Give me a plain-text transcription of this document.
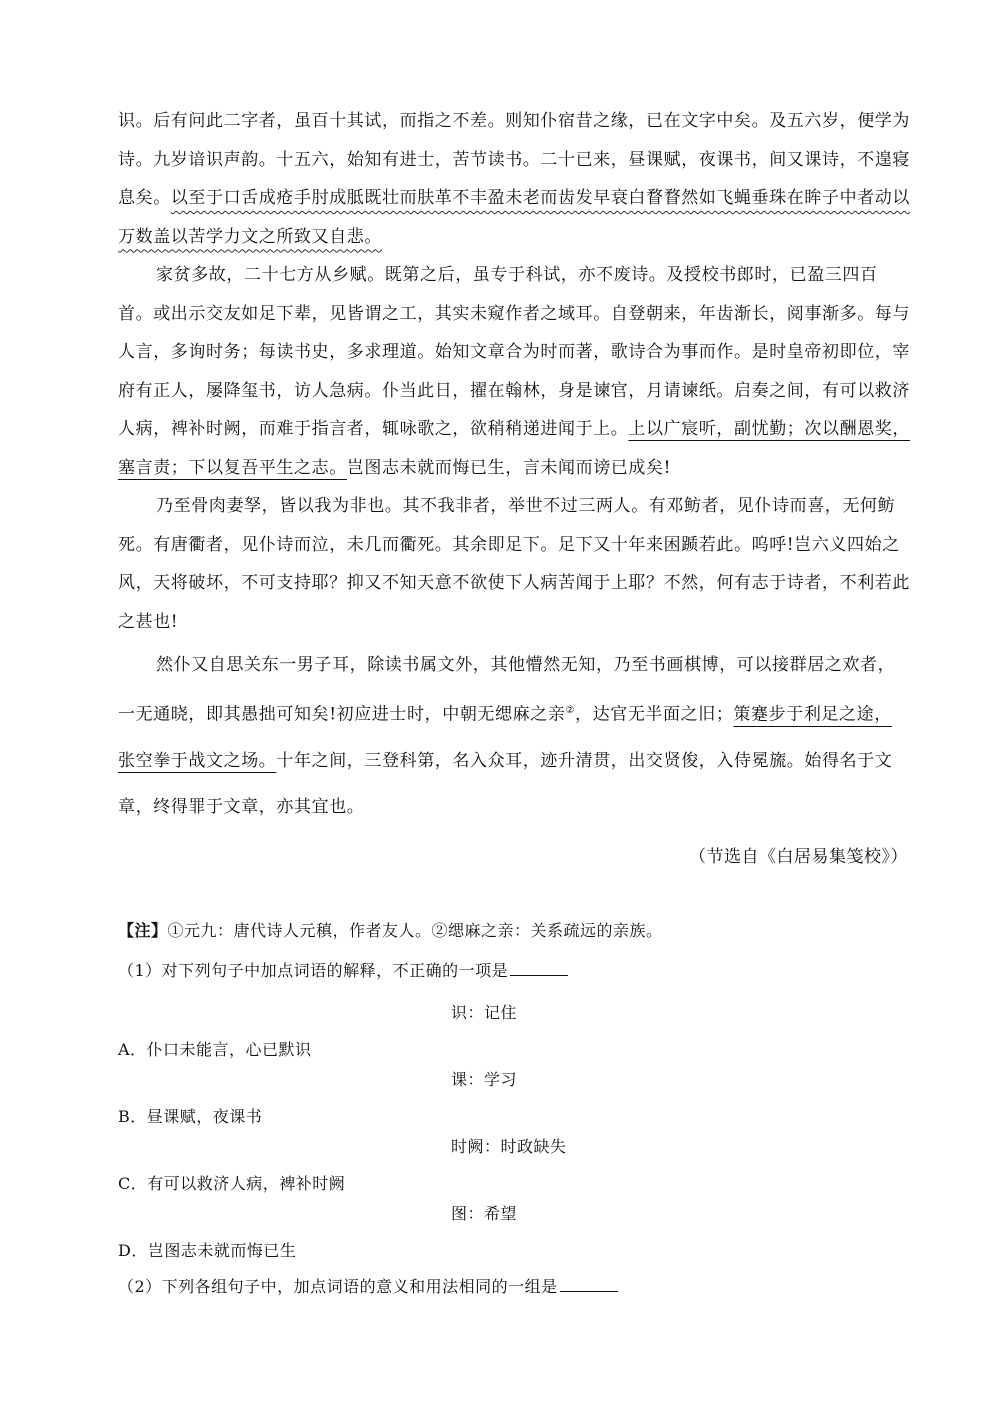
识。后有问此二字者，虽百十其试，而指之不差。则知仆宿昔之缘，已在文字中矣。及五六岁，便学为诗。九岁谙识声韵。十五六，始知有进士，苦节读书。二十已来，昼课赋，夜课书，间又课诗，不遑寝息矣。以至于口舌成疮手肘成胝既壮而肤革不丰盈未老而齿发早衰白瞀瞀然如飞蝇垂珠在眸子中者动以万数盖以苦学力文之所致又自悲。

家贫多故，二十七方从乡赋。既第之后，虽专于科试，亦不废诗。及授校书郎时，已盈三四百首。或出示交友如足下辈，见皆谓之工，其实未窥作者之域耳。自登朝来，年齿渐长，阅事渐多。每与人言，多询时务；每读书史，多求理道。始知文章合为时而著，歌诗合为事而作。是时皇帝初即位，宰府有正人，屡降玺书，访人急病。仆当此日，擢在翰林，身是谏官，月请谏纸。启奏之间，有可以救济人病，裨补时阙，而难于指言者，辄咏歌之，欲稍稍递进闻于上。上以广宸听，副忧勤；次以酬恩奖，塞言责；下以复吾平生之志。岂图志未就而悔已生，言未闻而谤已成矣!

乃至骨肉妻孥，皆以我为非也。其不我非者，举世不过三两人。有邓鲂者，见仆诗而喜，无何鲂死。有唐衢者，见仆诗而泣，未几而衢死。其余即足下。足下又十年来困踬若此。呜呼!岂六义四始之风，天将破坏，不可支持耶？抑又不知天意不欲使下人病苦闻于上耶？不然，何有志于诗者，不利若此之甚也!

然仆又自思关东一男子耳，除读书属文外，其他懵然无知，乃至书画棋博，可以接群居之欢者，
一无通晓，即其愚拙可知矣!初应进士时，中朝无缌麻之亲②，达官无半面之旧；策蹇步于利足之途，
张空拳于战文之场。十年之间，三登科第，名入众耳，迹升清贯，出交贤俊，入侍冕旒。始得名于文章，终得罪于文章，亦其宜也。

（节选自《白居易集笺校》）
【注】①元九：唐代诗人元稹，作者友人。②缌麻之亲：关系疏远的亲族。
（1）对下列句子中加点词语的解释，不正确的一项是
识：记住
A．仆口未能言，心已默识
课：学习
B．昼课赋，夜课书
时阙：时政缺失
C．有可以救济人病，裨补时阙
图：希望
D．岂图志未就而悔已生
（2）下列各组句子中，加点词语的意义和用法相同的一组是
